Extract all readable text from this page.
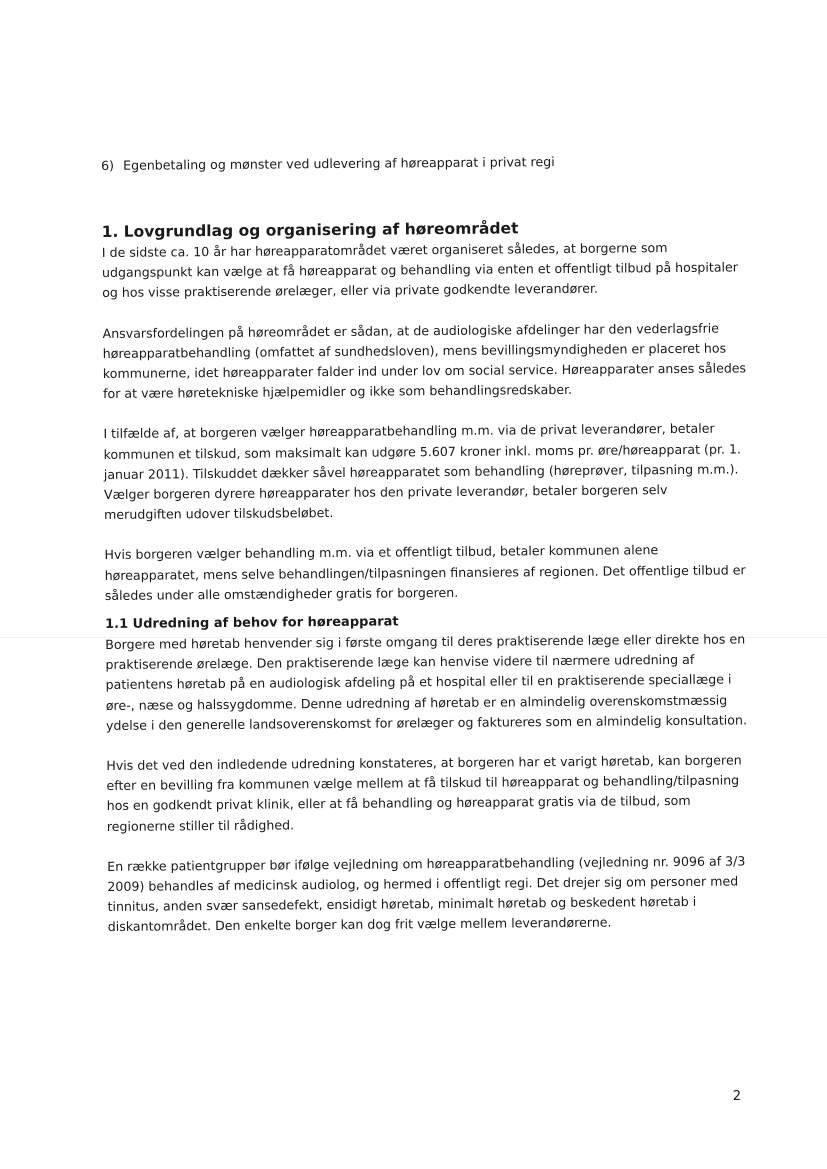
6) Egenbetaling og mønster ved udlevering af høreapparat i privat regi
1. Lovgrundlag og organisering af høreområdet

I de sidste ca. 10 år har høreapparatområdet været organiseret således, at borgerne som udgangspunkt kan vælge at få høreapparat og behandling via enten et offentligt tilbud på hospitaler og hos visse praktiserende ørelæger, eller via private godkendte leverandører.

Ansvarsfordelingen på høreområdet er sådan, at de audiologiske afdelinger har den vederlagsfrie høreapparatbehandling (omfattet af sundhedsloven), mens bevillingsmyndigheden er placeret hos kommunerne, idet høreapparater falder ind under lov om social service. Høreapparater anses således for at være høretekniske hjælpemidler og ikke som behandlingsredskaber.

I tilfælde af, at borgeren vælger høreapparatbehandling m.m. via de privat leverandører, betaler kommunen et tilskud, som maksimalt kan udgøre 5.607 kroner inkl. moms pr. øre/høreapparat (pr. 1. januar 2011). Tilskuddet dækker såvel høreapparatet som behandling (høreprøver, tilpasning m.m.). Vælger borgeren dyrere høreapparater hos den private leverandør, betaler borgeren selv merudgiften udover tilskudsbeløbet.

Hvis borgeren vælger behandling m.m. via et offentligt tilbud, betaler kommunen alene høreapparatet, mens selve behandlingen/tilpasningen finansieres af regionen. Det offentlige tilbud er således under alle omstændigheder gratis for borgeren.

1.1 Udredning af behov for høreapparat

Borgere med høretab henvender sig i første omgang til deres praktiserende læge eller direkte hos en praktiserende ørelæge. Den praktiserende læge kan henvise videre til nærmere udredning af patientens høretab på en audiologisk afdeling på et hospital eller til en praktiserende speciallæge i øre-, næse og halssygdomme. Denne udredning af høretab er en almindelig overenskomstmæssig ydelse i den generelle landsoverenskomst for ørelæger og faktureres som en almindelig konsultation.

Hvis det ved den indledende udredning konstateres, at borgeren har et varigt høretab, kan borgeren efter en bevilling fra kommunen vælge mellem at få tilskud til høreapparat og behandling/tilpasning hos en godkendt privat klinik, eller at få behandling og høreapparat gratis via de tilbud, som regionerne stiller til rådighed.

En række patientgrupper bør ifølge vejledning om høreapparatbehandling (vejledning nr. 9096 af 3/3 2009) behandles af medicinsk audiolog, og hermed i offentligt regi. Det drejer sig om personer med tinnitus, anden svær sansedefekt, ensidigt høretab, minimalt høretab og beskedent høretab i diskantområdet. Den enkelte borger kan dog frit vælge mellem leverandørerne.

2
